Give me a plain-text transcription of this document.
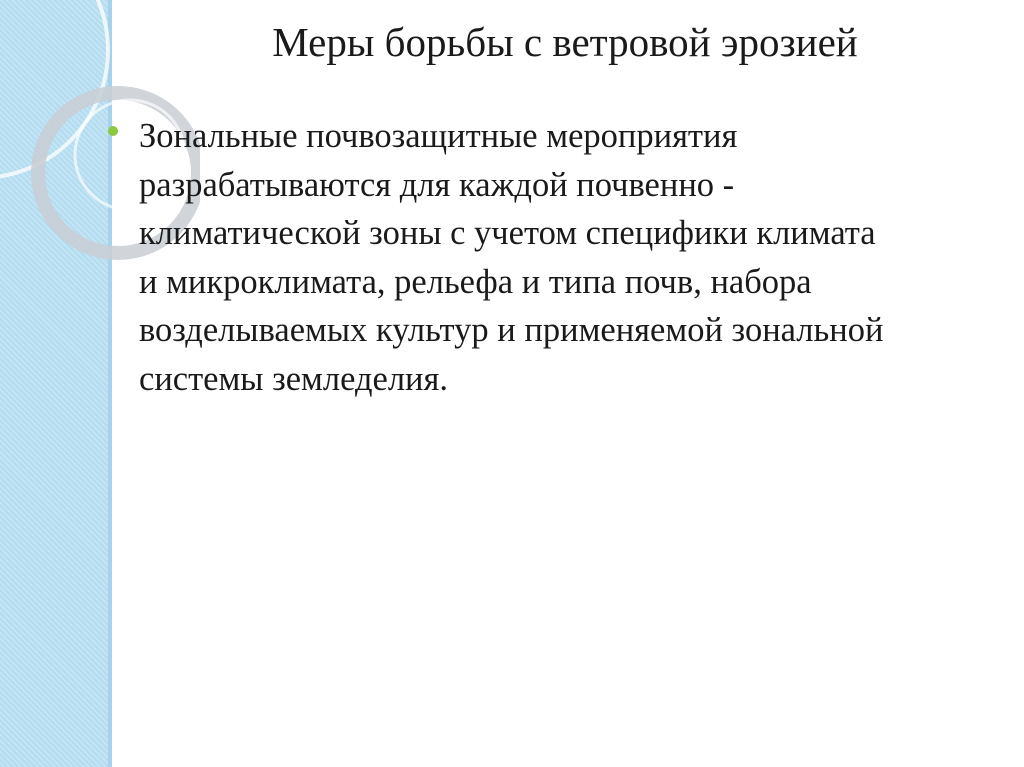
Меры борьбы с ветровой эрозией

Зональные почвозащитные мероприятия
разрабатываются для каждой почвенно -
климатической зоны с учетом специфики климата
и микроклимата, рельефа и типа почв, набора
возделываемых культур и применяемой зональной
системы земледелия.
